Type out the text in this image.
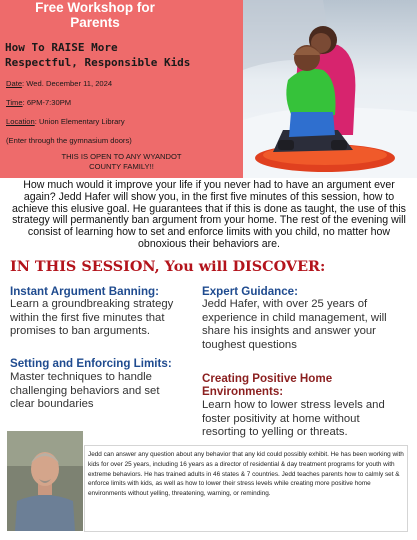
Free Workshop for
Parents
How To RAISE More
Respectful, Responsible Kids
Date: Wed. December 11, 2024
Time: 6PM-7:30PM
Location: Union Elementary Library
(Enter through the gymnasium doors)
THIS IS OPEN TO ANY WYANDOT
COUNTY FAMILY!!
How much would it improve your life if you never had to have an argument ever again? Jedd Hafer will show you, in the first five minutes of this session, how to achieve this elusive goal. He guarantees that if this is done as taught, the use of this strategy will permanently ban argument from your home. The rest of the evening will consist of learning how to set and enforce limits with you child, no matter how obnoxious their behaviors are.
IN THIS SESSION, You will DISCOVER:
Instant Argument Banning:
Learn a groundbreaking strategy
within the first five minutes that
promises to ban arguments.
Expert Guidance:
Jedd Hafer, with over 25 years of
experience in child management, will
share his insights and answer your
toughest questions
Setting and Enforcing Limits:
Master techniques to handle
challenging behaviors and set
clear boundaries
Creating Positive Home
Environments:
Learn how to lower stress levels and
foster positivity at home without
resorting to yelling or threats.
Jedd can answer any question about any behavior that any kid could possibly exhibit. He has been working with kids for over 25 years, including 16 years as a director of residential & day treatment programs for youth with extreme behaviors. He has trained adults in 46 states & 7 countries. Jedd teaches parents how to calmly set & enforce limits with kids, as well as how to lower their stress levels while creating more positive home environments without yelling, threatening, warning, or reminding.
